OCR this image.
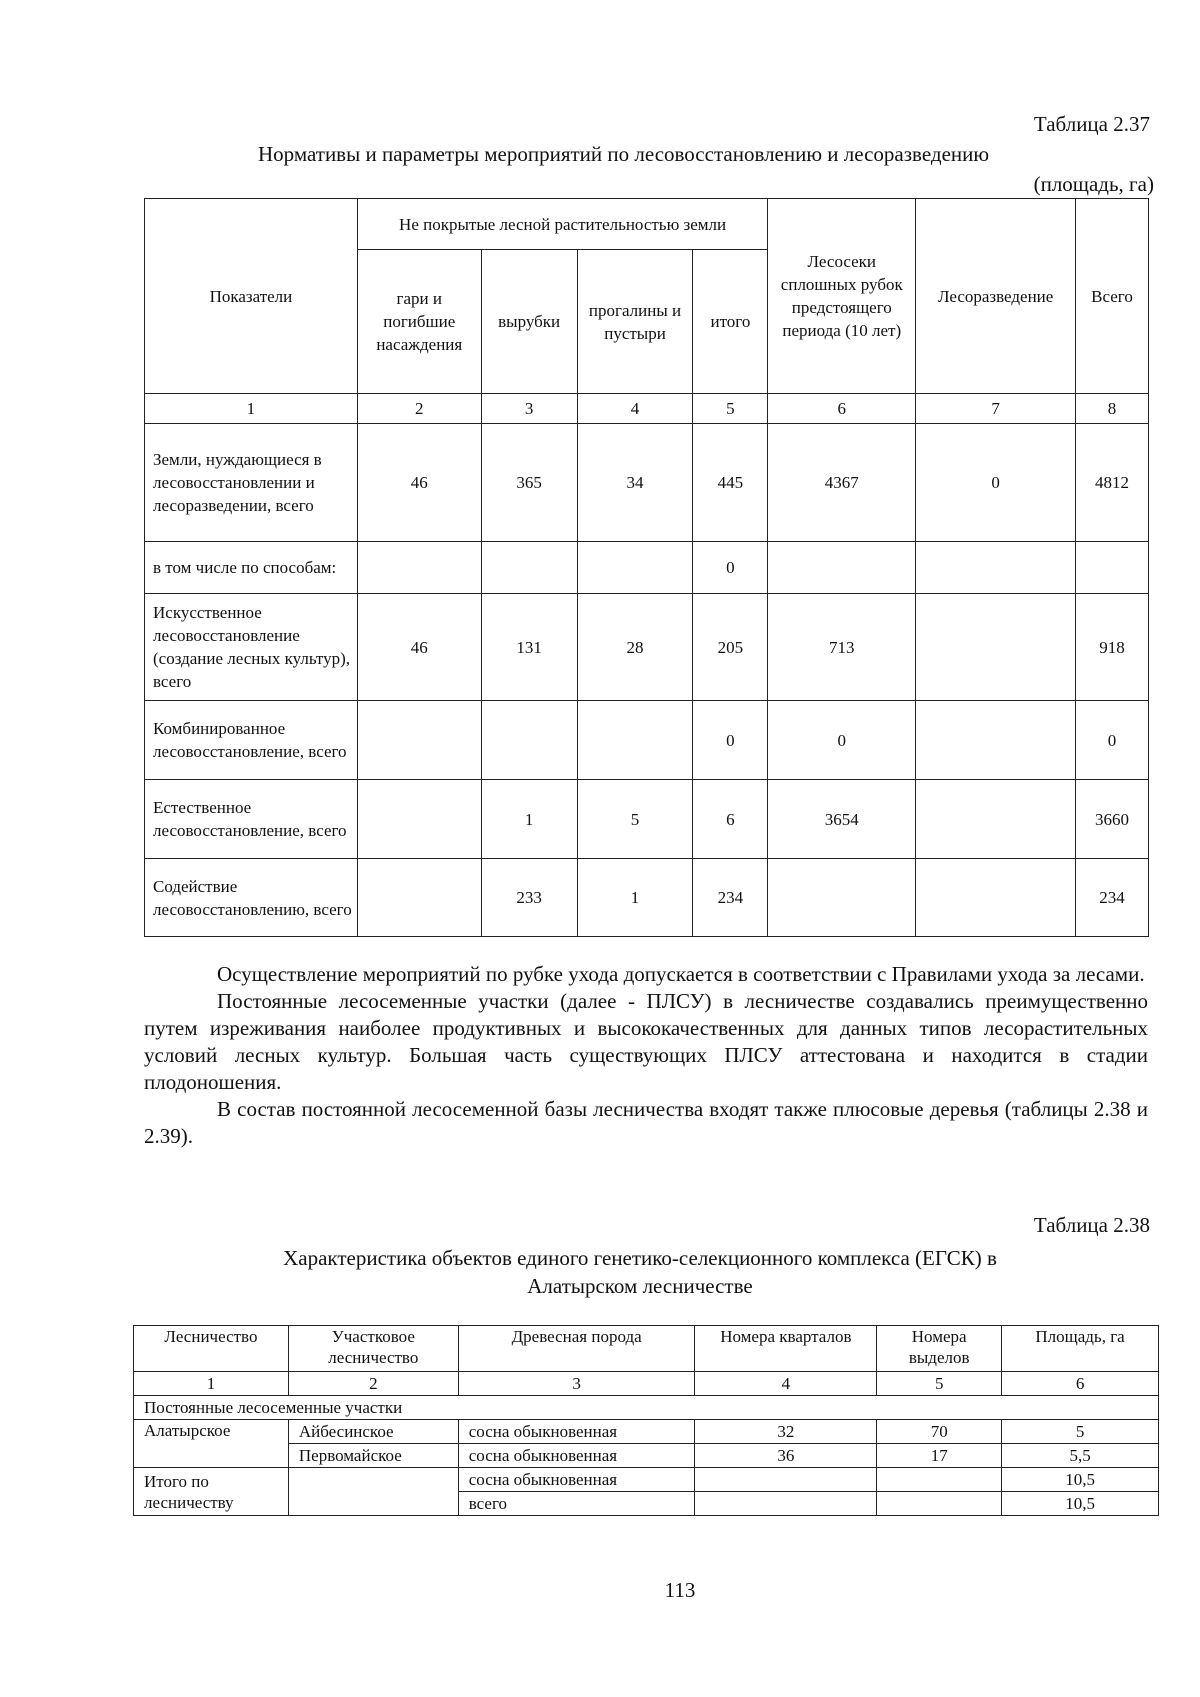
Таблица 2.37
Нормативы и параметры мероприятий по лесовосстановлению и лесоразведению
(площадь, га)
Показатели	Не покрытые лесной растительностью земли				Лесосеки сплошных рубок предстоящего периода (10 лет)	Лесоразведение	Всего
	гари и погибшие насаждения	вырубки	прогалины и пустыри	итого			
1	2	3	4	5	6	7	8
Земли, нуждающиеся в лесовосстановлении и лесоразведении, всего	46	365	34	445	4367	0	4812
в том числе по способам:				0			
Искусственное лесовосстановление (создание лесных культур), всего	46	131	28	205	713		918
Комбинированное лесовосстановление, всего				0	0		0
Естественное лесовосстановление, всего		1	5	6	3654		3660
Содействие лесовосстановлению, всего		233	1	234			234

Осуществление мероприятий по рубке ухода допускается в соответствии с Правилами ухода за лесами.

Постоянные лесосеменные участки (далее - ПЛСУ) в лесничестве создавались преимущественно путем изреживания наиболее продуктивных и высококачественных для данных типов лесорастительных условий лесных культур. Большая часть существующих ПЛСУ аттестована и находится в стадии плодоношения.

В состав постоянной лесосеменной базы лесничества входят также плюсовые деревья (таблицы 2.38 и 2.39).

Таблица 2.38
Характеристика объектов единого генетико-селекционного комплекса (ЕГСК) в
Алатырском лесничестве
Лесничество	Участковое лесничество	Древесная порода	Номера кварталов	Номера выделов	Площадь, га
1	2	3	4	5	6
Постоянные лесосеменные участки					
Алатырское	Айбесинское	сосна обыкновенная	32	70	5
	Первомайское	сосна обыкновенная	36	17	5,5
Итого по лесничеству		сосна обыкновенная			10,5
		всего			10,5
113
